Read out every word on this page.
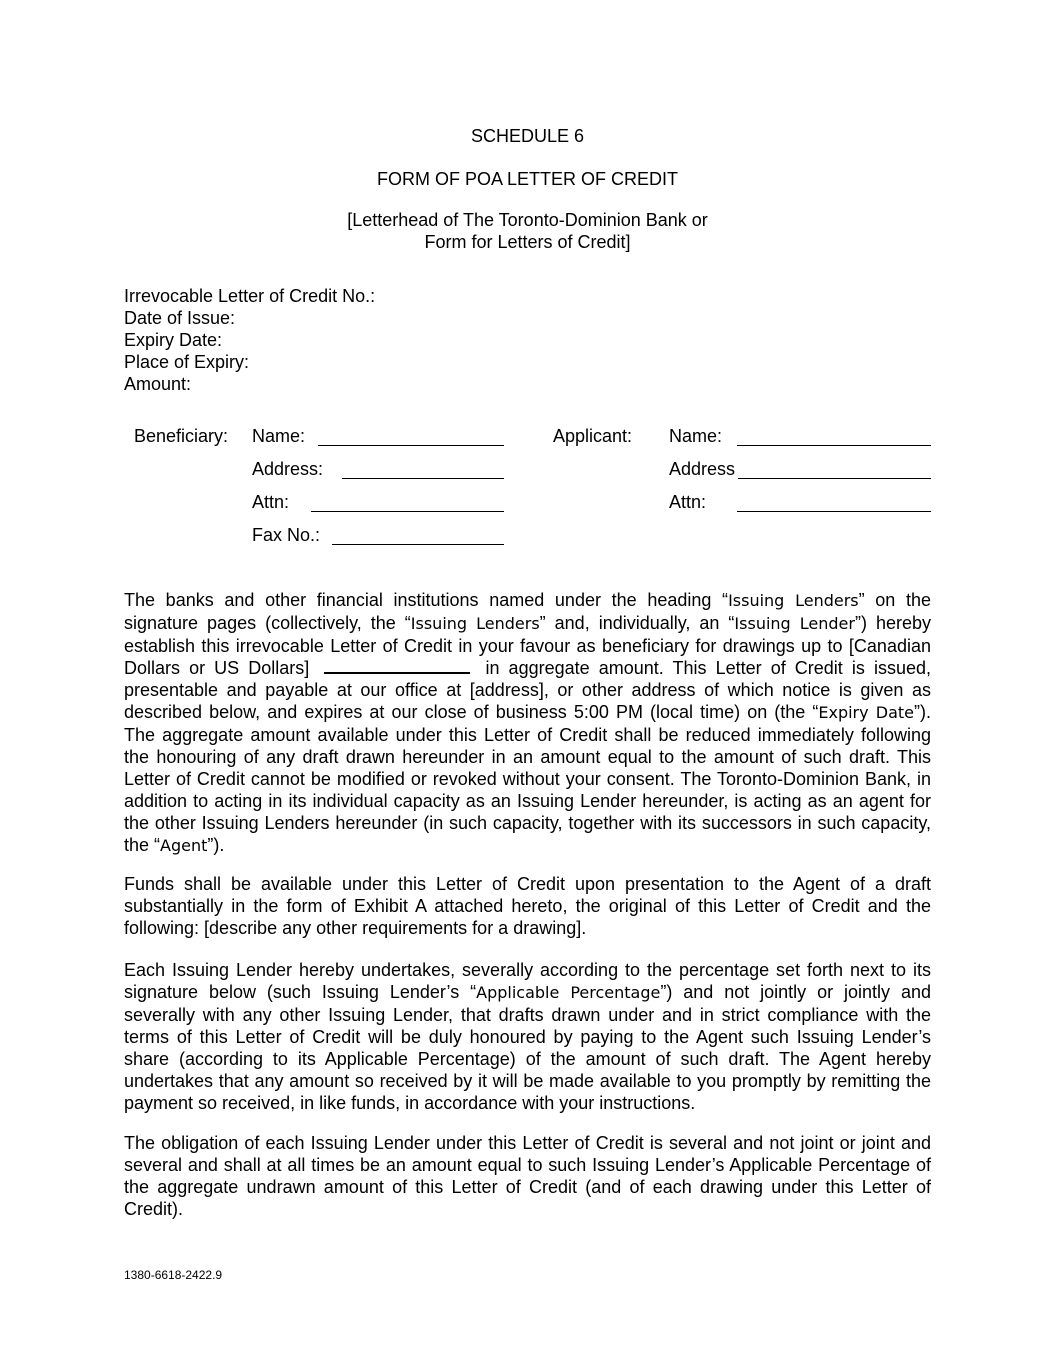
SCHEDULE 6
FORM OF POA LETTER OF CREDIT
[Letterhead of The Toronto-Dominion Bank or
Form for Letters of Credit]
Irrevocable Letter of Credit No.:
Date of Issue:
Expiry Date:
Place of Expiry:
Amount:
Beneficiary: Name:
Address:
Attn:
Fax No.:
Applicant: Name:
Address
Attn:

The banks and other financial institutions named under the heading “Issuing Lenders” on the signature pages (collectively, the “Issuing Lenders” and, individually, an “Issuing Lender”) hereby establish this irrevocable Letter of Credit in your favour as beneficiary for drawings up to [Canadian Dollars or US Dollars]	in aggregate amount. This Letter of Credit is issued, presentable and payable at our office at [address], or other address of which notice is given as described below, and expires at our close of business 5:00 PM (local time) on (the “Expiry Date”). The aggregate amount available under this Letter of Credit shall be reduced immediately following the honouring of any draft drawn hereunder in an amount equal to the amount of such draft. This Letter of Credit cannot be modified or revoked without your consent. The Toronto-Dominion Bank, in addition to acting in its individual capacity as an Issuing Lender hereunder, is acting as an agent for the other Issuing Lenders hereunder (in such capacity, together with its successors in such capacity, the “Agent”).

Funds shall be available under this Letter of Credit upon presentation to the Agent of a draft substantially in the form of Exhibit A attached hereto, the original of this Letter of Credit and the following: [describe any other requirements for a drawing].

Each Issuing Lender hereby undertakes, severally according to the percentage set forth next to its signature below (such Issuing Lender’s “Applicable Percentage”) and not jointly or jointly and severally with any other Issuing Lender, that drafts drawn under and in strict compliance with the terms of this Letter of Credit will be duly honoured by paying to the Agent such Issuing Lender’s share (according to its Applicable Percentage) of the amount of such draft. The Agent hereby undertakes that any amount so received by it will be made available to you promptly by remitting the payment so received, in like funds, in accordance with your instructions.

The obligation of each Issuing Lender under this Letter of Credit is several and not joint or joint and several and shall at all times be an amount equal to such Issuing Lender’s Applicable Percentage of the aggregate undrawn amount of this Letter of Credit (and of each drawing under this Letter of Credit).

1380-6618-2422.9
